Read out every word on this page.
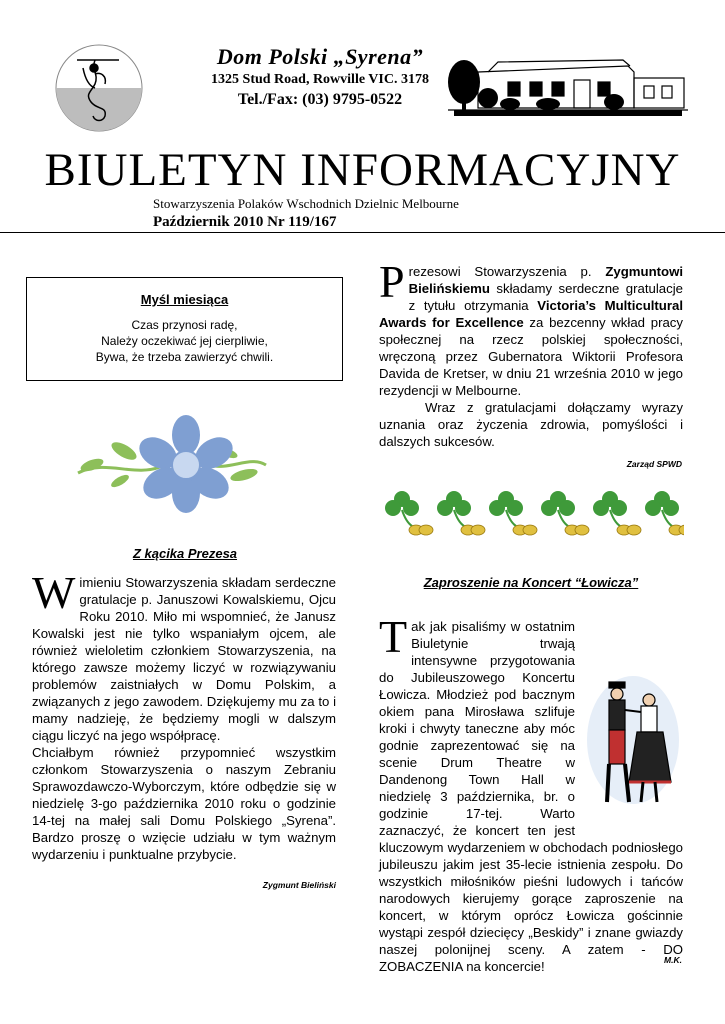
Dom Polski „Syrena”
1325 Stud Road, Rowville VIC. 3178
Tel./Fax: (03) 9795-0522
BIULETYN INFORMACYJNY
Stowarzyszenia Polaków Wschodnich Dzielnic Melbourne
Październik 2010 Nr 119/167
Myśl miesiąca
Czas przynosi radę,
Należy oczekiwać jej cierpliwie,
Bywa, że trzeba zawierzyć chwili.
Z kącika Prezesa
W imieniu Stowarzyszenia składam serdeczne gratulacje p. Januszowi Kowalskiemu, Ojcu Roku 2010. Miło mi wspomnieć, że Janusz Kowalski jest nie tylko wspaniałym ojcem, ale również wieloletim członkiem Stowarzyszenia, na którego zawsze możemy liczyć w rozwiązywaniu problemów zaistniałych w Domu Polskim, a związanych z jego zawodem. Dziękujemy mu za to i mamy nadzieję, że będziemy mogli w dalszym ciągu liczyć na jego współpracę.
Chciałbym również przypomnieć wszystkim członkom Stowarzyszenia o naszym Zebraniu Sprawozdawczo-Wyborczym, które odbędzie się w niedzielę 3-go października 2010 roku o godzinie 14-tej na małej sali Domu Polskiego „Syrena”. Bardzo proszę o wzięcie udziału w tym ważnym wydarzeniu i punktualne przybycie.
Zygmunt Bieliński
P rezesowi Stowarzyszenia p. Zygmuntowi Bielińskiemu składamy serdeczne gratulacje z tytułu otrzymania Victoria’s Multicultural Awards for Excellence za bezcenny wkład pracy społecznej na rzecz polskiej społeczności, wręczoną przez Gubernatora Wiktorii Profesora Davida de Kretser, w dniu 21 września 2010 w jego rezydencji w Melbourne.
Wraz z gratulacjami dołączamy wyrazy uznania oraz życzenia zdrowia, pomyślości i dalszych sukcesów.
Zarząd SPWD
Zaproszenie na Koncert “Łowicza”
T ak jak pisaliśmy w ostatnim Biuletynie trwają intensywne przygotowania do Jubileuszowego Koncertu Łowicza. Młodzież pod bacznym okiem pana Mirosława szlifuje kroki i chwyty taneczne aby móc godnie zaprezentować się na scenie Drum Theatre w Dandenong Town Hall w niedzielę 3 października, br. o godzinie 17-tej. Warto zaznaczyć, że koncert ten jest kluczowym wydarzeniem w obchodach podniosłego jubileuszu jakim jest 35-lecie istnienia zespołu. Do wszystkich miłośników pieśni ludowych i tańców narodowych kierujemy gorące zaproszenie na koncert, w którym oprócz Łowicza gościnnie wystąpi zespół dziecięcy „Beskidy” i znane gwiazdy naszej polonijnej sceny. A zatem - DO ZOBACZENIA na koncercie!	M.K.
